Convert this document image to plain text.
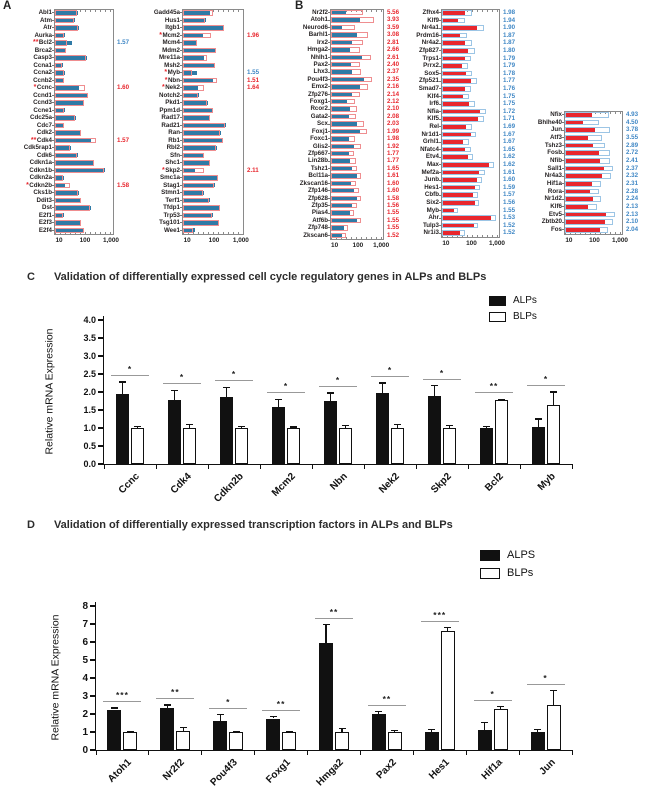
A	B
Abl1
Atm
Atr
Aurka
**Bcl2	1.57
Brca2
Casp3
Ccna1
Ccna2
Ccnb2
*Ccnc	1.60
Ccnd1
Ccnd3
Ccne1
Cdc25a
Cdc7
Cdk2
**Cdk4	1.57
Cdk5rap1
Cdk6
Cdkn1a
Cdkn1b
Cdkn2a
*Cdkn2b	1.58
Cks1b
Ddit3
Dst
E2f1
E2f3
E2f4
10	100	1,000
Gadd45a
Hus1
Itgb1
*Mcm2	1.96
Mcm4
Mdm2
Mre11a
Msh2
*Myb	1.55
*Nbn	1.51
*Nek2	1.64
Notch2
Pkd1
Ppm1d
Rad17
Rad21
Ran
Rb1
Rbl2
Sfn
Shc1
*Skp2	2.11
Smc1a
Stag1
Stmn1
Terf1
Tfdp1
Trp53
Tsg101
Wee1
10	100	1,000
Nr2f2	5.56
Atoh1	3.93
Neurod6	3.59
Barhl1	3.08
Irx2	2.81
Hmga2	2.66
Nhlh1	2.61
Pax2	2.40
Lhx3	2.37
Pou4f3	2.35
Emx2	2.16
Zfp276	2.14
Foxg1	2.12
Rcor2	2.10
Gata2	2.08
Scx	2.03
Foxj1	1.99
Foxc1	1.98
Glis2	1.92
Zfp667	1.77
Lin28b	1.77
Tshz1	1.65
Bcl11a	1.61
Zkscan16	1.60
Zfp146	1.60
Zfp628	1.58
Zfp35	1.56
Pias4	1.55
Atf6b	1.55
Zfp748	1.55
Zkscan6	1.52
10	100	1,000
Zfhx4	1.98
Klf9	1.94
Nr4a1	1.90
Prdm16	1.87
Nr4a2	1.87
Zfp827	1.80
Trps1	1.79
Prrx2	1.79
Sox5	1.78
Zfp521	1.77
Smad7	1.76
Klf4	1.75
Irf6	1.75
Nfia	1.72
Klf5	1.71
Rel	1.69
Nr1d1	1.67
Grhl1	1.67
Nfatc4	1.65
Etv4	1.62
Max	1.62
Mef2a	1.61
Junb	1.60
Hes1	1.59
Cbfb	1.57
Six2	1.56
Myb	1.55
Ahr	1.53
Tulp3	1.52
Nr1i3	1.52
10	100	1,000
Nfix	4.93
Bhlhe40	4.50
Jun	3.78
Atf3	3.55
Tshz3	2.89
Fosb	2.72
Nfib	2.41
Sall1	2.37
Nr4a3	2.32
Hif1a	2.31
Rora	2.28
Nr1d2	2.24
Klf6	2.13
Etv5	2.13
Zbtb20	2.10
Fos	2.04
10	100	1,000
C Validation of differentially expressed cell cycle regulatory genes in ALPs and BLPs
0.0
0.5
1.0
1.5
2.0
2.5
3.0
3.5
4.0
Relative mRNA Expression	*
Ccnc
*
Cdk4
*
Cdkn2b
*
Mcm2
*
Nbn
*
Nek2
*
Skp2
**
Bcl2
*
Myb
ALPs
BLPs
D Validation of differentially expressed transcription factors in ALPs and BLPs
0
1
2
3
4
5
6
7
8
Relative mRNA Expression	***
Atoh1
**
Nr2f2
*
Pou4f3
**
Foxg1
**
Hmga2
**
Pax2
***
Hes1
*
Hif1a
*
Jun
ALPS
BLPs
